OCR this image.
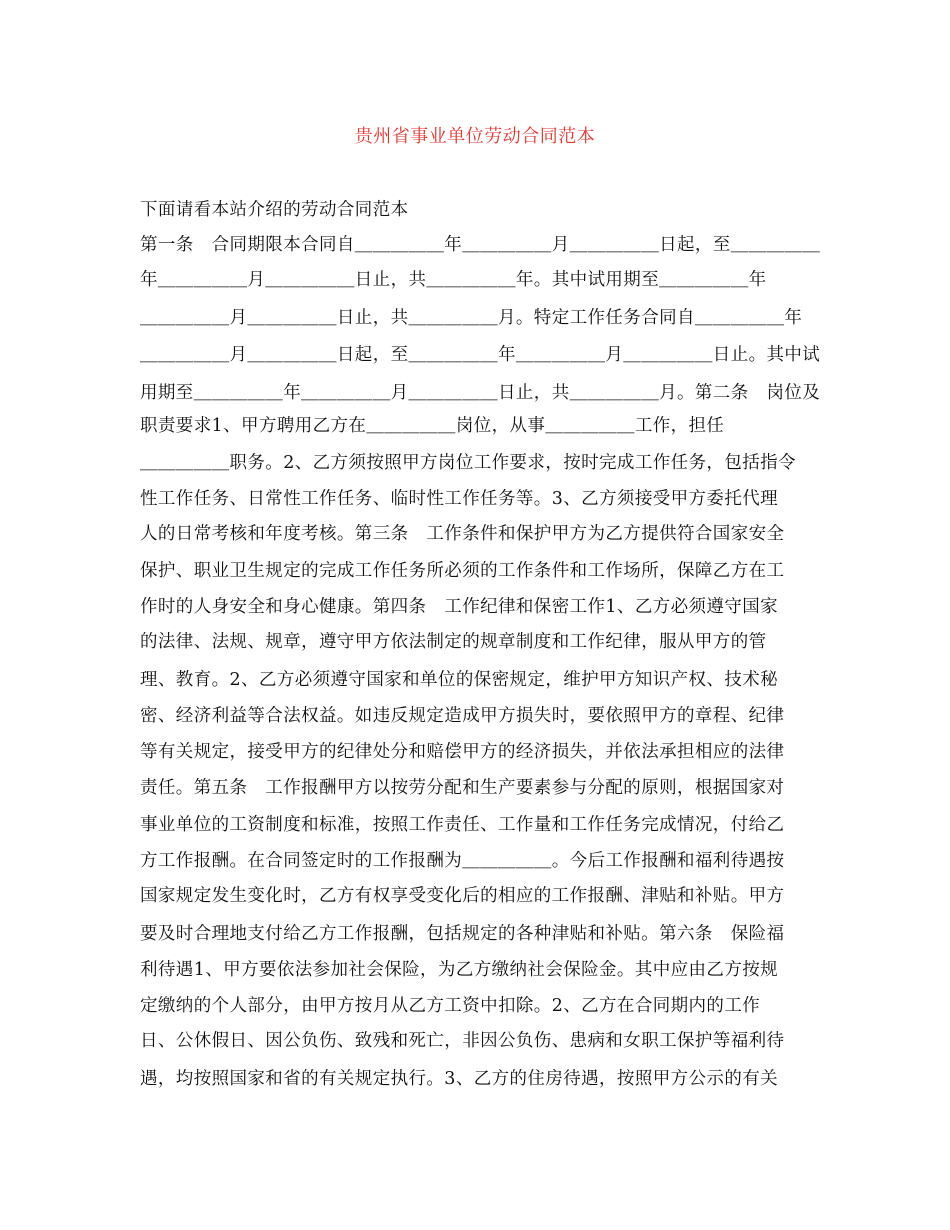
贵州省事业单位劳动合同范本
下面请看本站介绍的劳动合同范本
第一条　合同期限本合同自＿＿＿＿＿年＿＿＿＿＿月＿＿＿＿＿日起，至＿＿＿＿＿
年＿＿＿＿＿月＿＿＿＿＿日止，共＿＿＿＿＿年。其中试用期至＿＿＿＿＿年
＿＿＿＿＿月＿＿＿＿＿日止，共＿＿＿＿＿月。特定工作任务合同自＿＿＿＿＿年
＿＿＿＿＿月＿＿＿＿＿日起，至＿＿＿＿＿年＿＿＿＿＿月＿＿＿＿＿日止。其中试
用期至＿＿＿＿＿年＿＿＿＿＿月＿＿＿＿＿日止，共＿＿＿＿＿月。第二条　岗位及
职责要求1、甲方聘用乙方在＿＿＿＿＿岗位，从事＿＿＿＿＿工作，担任
＿＿＿＿＿职务。2、乙方须按照甲方岗位工作要求，按时完成工作任务，包括指令
性工作任务、日常性工作任务、临时性工作任务等。3、乙方须接受甲方委托代理
人的日常考核和年度考核。第三条　工作条件和保护甲方为乙方提供符合国家安全
保护、职业卫生规定的完成工作任务所必须的工作条件和工作场所，保障乙方在工
作时的人身安全和身心健康。第四条　工作纪律和保密工作1、乙方必须遵守国家
的法律、法规、规章，遵守甲方依法制定的规章制度和工作纪律，服从甲方的管
理、教育。2、乙方必须遵守国家和单位的保密规定，维护甲方知识产权、技术秘
密、经济利益等合法权益。如违反规定造成甲方损失时，要依照甲方的章程、纪律
等有关规定，接受甲方的纪律处分和赔偿甲方的经济损失，并依法承担相应的法律
责任。第五条　工作报酬甲方以按劳分配和生产要素参与分配的原则，根据国家对
事业单位的工资制度和标准，按照工作责任、工作量和工作任务完成情况，付给乙
方工作报酬。在合同签定时的工作报酬为＿＿＿＿＿。今后工作报酬和福利待遇按
国家规定发生变化时，乙方有权享受变化后的相应的工作报酬、津贴和补贴。甲方
要及时合理地支付给乙方工作报酬，包括规定的各种津贴和补贴。第六条　保险福
利待遇1、甲方要依法参加社会保险，为乙方缴纳社会保险金。其中应由乙方按规
定缴纳的个人部分，由甲方按月从乙方工资中扣除。2、乙方在合同期内的工作
日、公休假日、因公负伤、致残和死亡，非因公负伤、患病和女职工保护等福利待
遇，均按照国家和省的有关规定执行。3、乙方的住房待遇，按照甲方公示的有关
